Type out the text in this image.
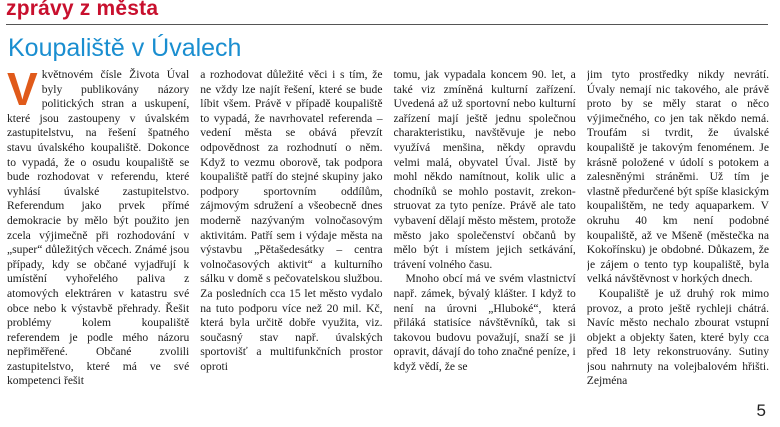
zprávy z města
Koupaliště v Úvalech

Vkvětnovém čísle Života Úval byly publikovány názory politických stran a uskupení, které jsou zastoupeny v úvalském zastupitelstvu, na řešení špatného stavu úvalského koupaliště. Dokonce to vypadá, že o osudu koupaliště se bude rozhodovat v referendu, které vyhlásí úvalské zastupitelstvo. Referendum jako prvek přímé demokracie by mělo být použito jen zcela výjimečně při rozhodování v „super“ důležitých věcech. Známé jsou případy, kdy se občané vyjadřují k umístění vyhořelého paliva z atomových elektráren v katastru své obce nebo k výstavbě přehrady. Řešit problémy kolem koupaliště referendem je podle mého názoru nepřiměřené. Občané zvolili zastupitelstvo, které má ve své kompetenci řešit

a rozhodovat důležité věci i s tím, že ne vždy lze najít řešení, které se bude líbit všem. Právě v případě koupaliště to vypadá, že navrhovatel referenda – vedení města se obává převzít odpovědnost za rozhodnutí o něm. Když to vezmu oborově, tak podpora koupaliště patří do stejné skupiny jako podpory sportovním oddílům, zájmovým sdružení a všeobecně dnes moderně nazývaným volnočasovým aktivitám. Patří sem i výdaje města na výstavbu „Pětašedesátky – centra volnočasových aktivit“ a kulturního sálku v domě s pečovatelskou službou. Za posledních cca 15 let město vydalo na tuto podporu více než 20 mil. Kč, která byla určitě dobře využita, viz. současný stav např. úvalských sportovišť a multifunkčních prostor oproti

tomu, jak vypadala koncem 90. let, a také viz zmíněná kulturní zařízení. Uvedená až už sportovní nebo kulturní zařízení mají ještě jednu společnou charakteristiku, navštěvuje je nebo využívá menšina, někdy opravdu velmi malá, obyvatel Úval. Jistě by mohl někdo namítnout, kolik ulic a chodníků se mohlo postavit, zrekonstruovat za tyto peníze. Právě ale tato vybavení dělají město městem, protože město jako společenství občanů by mělo být i místem jejich setkávání, trávení volného času.

Mnoho obcí má ve svém vlastnictví např. zámek, bývalý klášter. I když to není na úrovni „Hluboké“, která přiláká statisíce návštěvníků, tak si takovou budovu považují, snaží se ji opravit, dávají do toho značné peníze, i když vědí, že se

jim tyto prostředky nikdy nevrátí. Úvaly nemají nic takového, ale právě proto by se měly starat o něco výjimečného, co jen tak někdo nemá. Troufám si tvrdit, že úvalské koupaliště je takovým fenoménem. Je krásně položené v údolí s potokem a zalesněnými stráněmi. Už tím je vlastně předurčené být spíše klasickým koupalištěm, ne tedy aquaparkem. V okruhu 40 km není podobné koupaliště, až ve Mšeně (městečka na Kokořínsku) je obdobné. Důkazem, že je zájem o tento typ koupaliště, byla velká návštěvnost v horkých dnech.

Koupaliště je už druhý rok mimo provoz, a proto ještě rychleji chátrá. Navíc město nechalo zbourat vstupní objekt a objekty šaten, které byly cca před 18 lety rekonstruovány. Sutiny jsou nahrnuty na volejbalovém hřišti. Zejména

5
